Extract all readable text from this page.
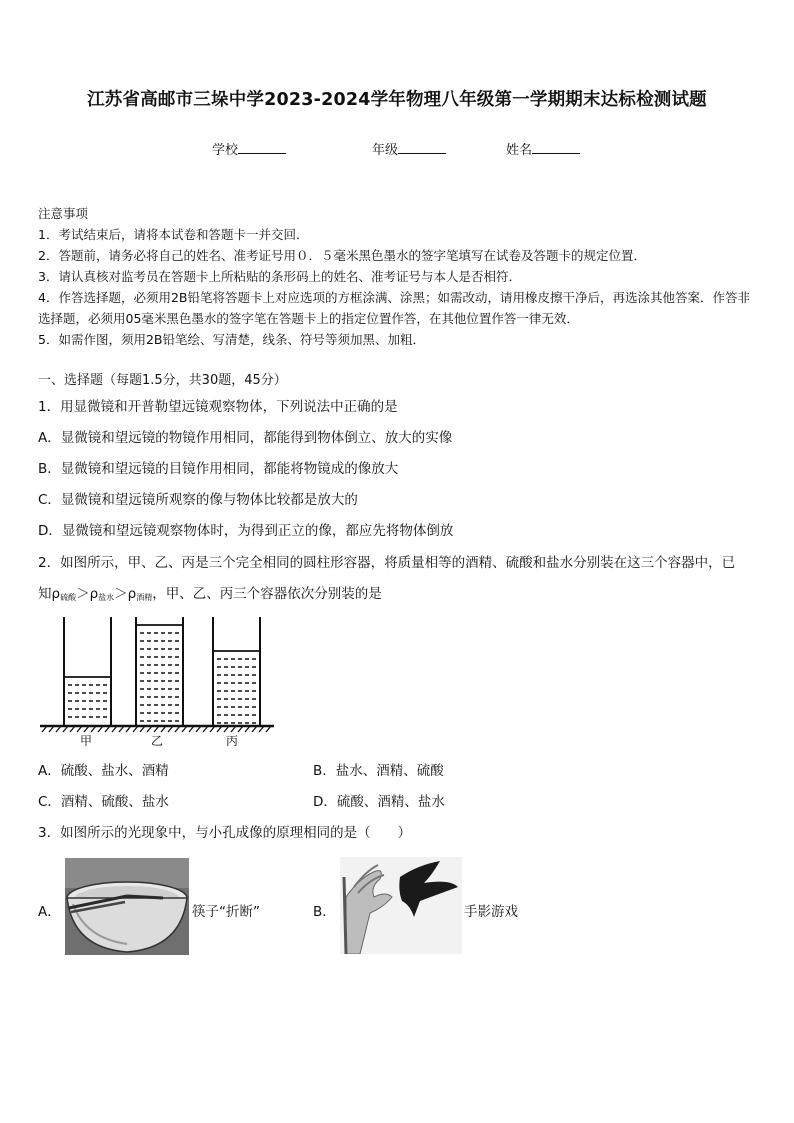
江苏省高邮市三垛中学2023-2024学年物理八年级第一学期期末达标检测试题
学校	年级	姓名
注意事项
1．考试结束后，请将本试卷和答题卡一并交回．
2．答题前，请务必将自己的姓名、准考证号用０．５毫米黑色墨水的签字笔填写在试卷及答题卡的规定位置．
3．请认真核对监考员在答题卡上所粘贴的条形码上的姓名、准考证号与本人是否相符．
4．作答选择题，必须用2B铅笔将答题卡上对应选项的方框涂满、涂黑；如需改动，请用橡皮擦干净后，再选涂其他答案．作答非选择题，必须用05毫米黑色墨水的签字笔在答题卡上的指定位置作答，在其他位置作答一律无效．
5．如需作图，须用2B铅笔绘、写清楚，线条、符号等须加黑、加粗．
一、选择题（每题1.5分，共30题，45分）
1．用显微镜和开普勒望远镜观察物体，下列说法中正确的是
A．显微镜和望远镜的物镜作用相同，都能得到物体倒立、放大的实像
B．显微镜和望远镜的目镜作用相同，都能将物镜成的像放大
C．显微镜和望远镜所观察的像与物体比较都是放大的
D．显微镜和望远镜观察物体时，为得到正立的像，都应先将物体倒放
2．如图所示，甲、乙、丙是三个完全相同的圆柱形容器，将质量相等的酒精、硫酸和盐水分别装在这三个容器中，已
知$\rho_{硫酸}>\rho_{盐水}>\rho_{酒精}$，甲、乙、丙三个容器依次分别装的是
甲	乙	丙
A．硫酸、盐水、酒精	B．盐水、酒精、硫酸
C．酒精、硫酸、盐水	D．硫酸、酒精、盐水
3．如图所示的光现象中，与小孔成像的原理相同的是（　　）
A．	筷子“折断”	B．	手影游戏
